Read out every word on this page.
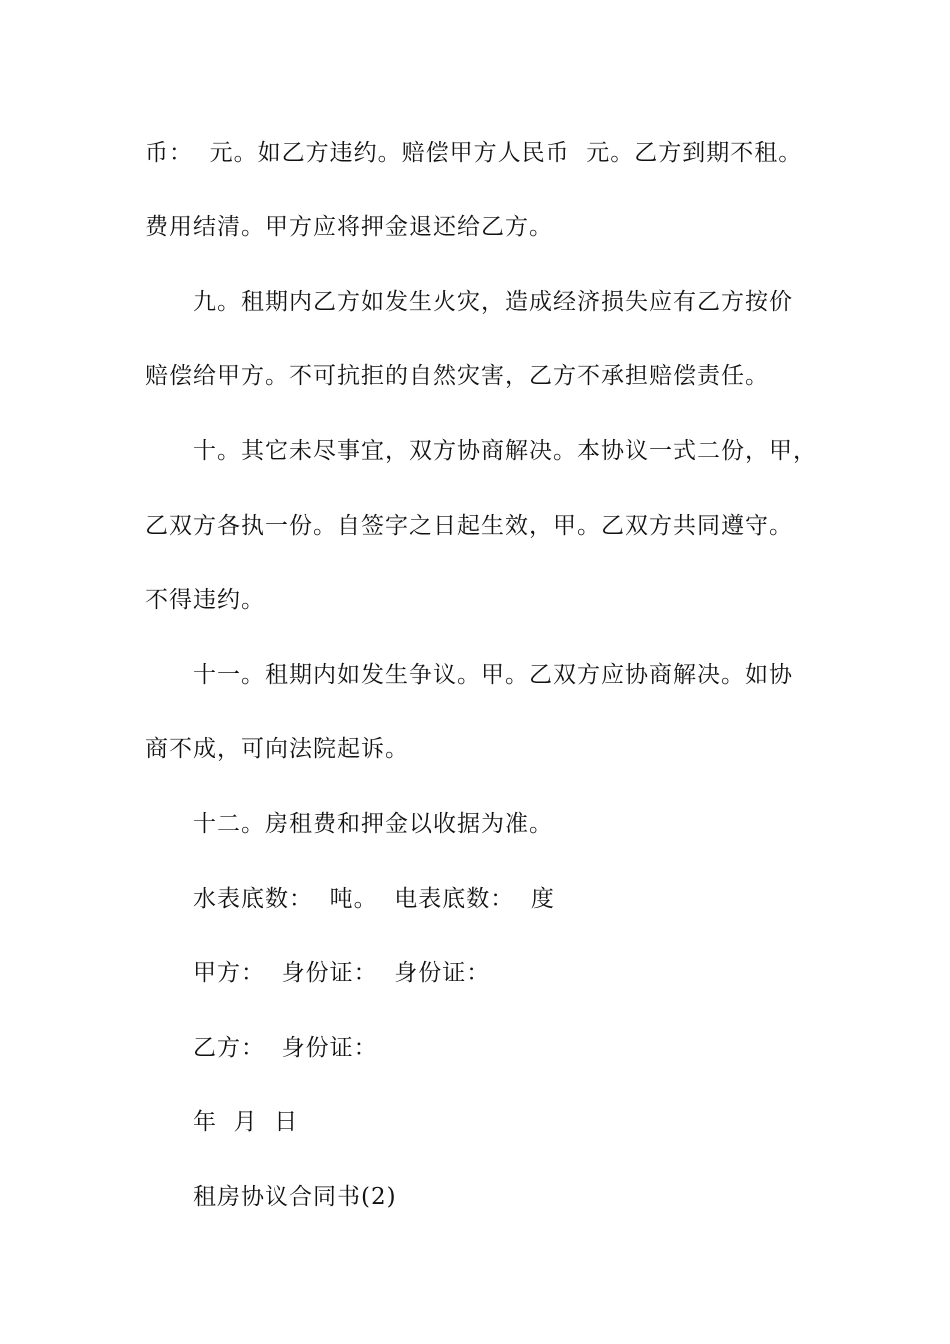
币：  元。如乙方违约。赔偿甲方人民币  元。乙方到期不租。
费用结清。甲方应将押金退还给乙方。
九。租期内乙方如发生火灾，造成经济损失应有乙方按价
赔偿给甲方。不可抗拒的自然灾害，乙方不承担赔偿责任。
十。其它未尽事宜，双方协商解决。本协议一式二份，甲，
乙双方各执一份。自签字之日起生效，甲。乙双方共同遵守。
不得违约。
十一。租期内如发生争议。甲。乙双方应协商解决。如协
商不成，可向法院起诉。
十二。房租费和押金以收据为准。
水表底数：  吨。  电表底数：  度
甲方：  身份证：  身份证：
乙方：  身份证：
年  月  日
租房协议合同书(2)
